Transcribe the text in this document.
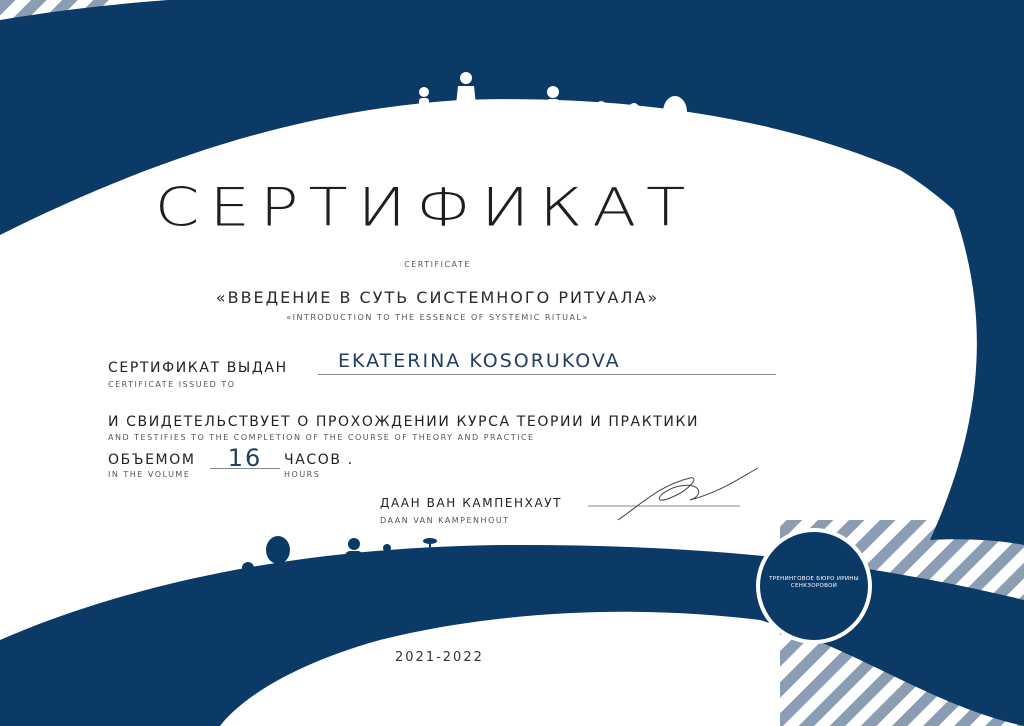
СЕРТИФИКАТ

CERTIFICATE

«ВВЕДЕНИЕ В СУТЬ СИСТЕМНОГО РИТУАЛА»

«INTRODUCTION TO THE ESSENCE OF SYSTEMIC RITUAL»

СЕРТИФИКАТ ВЫДАН

CERTIFICATE ISSUED TO

EKATERINA KOSORUKOVA

И СВИДЕТЕЛЬСТВУЕТ О ПРОХОЖДЕНИИ КУРСА ТЕОРИИ И ПРАКТИКИ

AND TESTIFIES TO THE COMPLETION OF THE COURSE OF THEORY AND PRACTICE

ОБЪЕМОМ

IN THE VOLUME

16	ЧАСОВ .

HOURS

ДААН ВАН КАМПЕНХАУТ

DAAN VAN KAMPENHOUT

ТРЕНИНГОВОЕ БЮРО ИРИНЫ СЕНКЗОРОВОЙ

2021-2022
